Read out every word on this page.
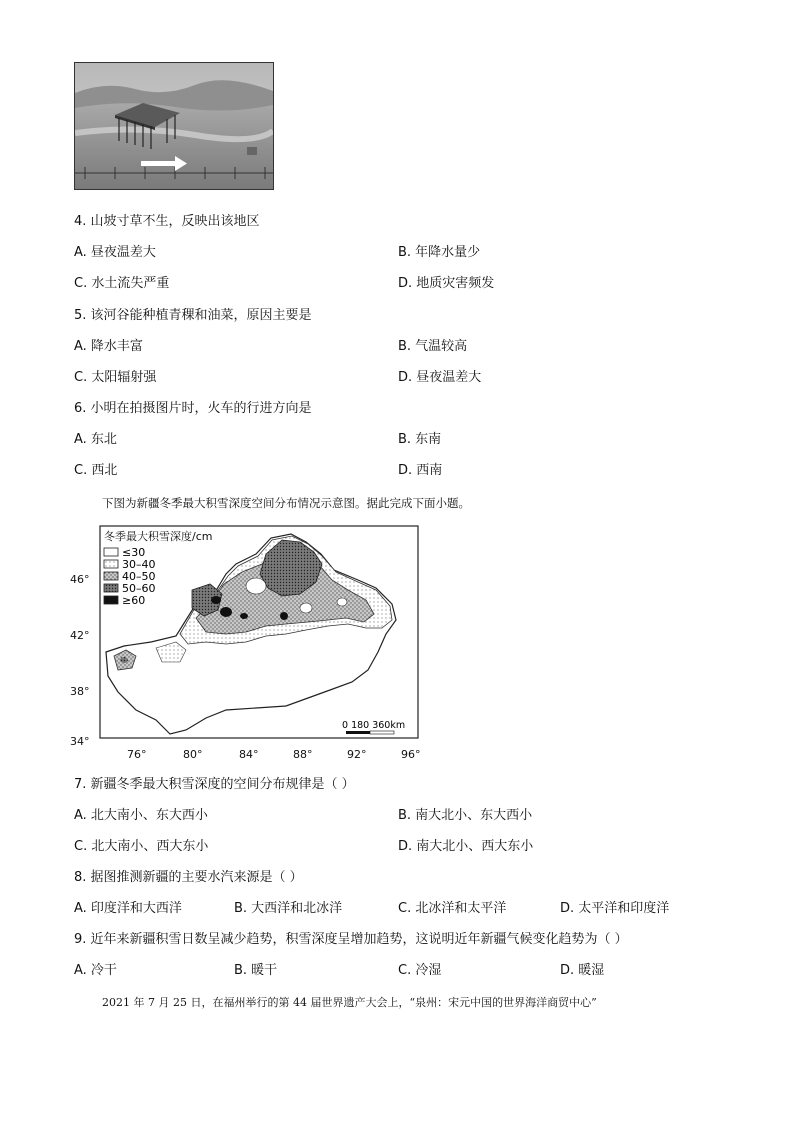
4. 山坡寸草不生，反映出该地区
A. 昼夜温差大	B. 年降水量少
C. 水土流失严重	D. 地质灾害频发
5. 该河谷能种植青稞和油菜，原因主要是
A. 降水丰富	B. 气温较高
C. 太阳辐射强	D. 昼夜温差大
6. 小明在拍摄图片时，火车的行进方向是
A. 东北	B. 东南
C. 西北	D. 西南
下图为新疆冬季最大积雪深度空间分布情况示意图。据此完成下面小题。
冬季最大积雪深度/cm
≤30
30–40
40–50
50–60
≥60
0 180 360km
46°
42°
38°
34°
76°	80°	84°	88°	92°	96°
7. 新疆冬季最大积雪深度的空间分布规律是（ ）
A. 北大南小、东大西小	B. 南大北小、东大西小
C. 北大南小、西大东小	D. 南大北小、西大东小
8. 据图推测新疆的主要水汽来源是（ ）
A. 印度洋和大西洋	B. 大西洋和北冰洋	C. 北冰洋和太平洋	D. 太平洋和印度洋
9. 近年来新疆积雪日数呈减少趋势，积雪深度呈增加趋势，这说明近年新疆气候变化趋势为（ ）
A. 冷干	B. 暖干	C. 冷湿	D. 暖湿
2021 年 7 月 25 日，在福州举行的第 44 届世界遗产大会上，“泉州：宋元中国的世界海洋商贸中心”
